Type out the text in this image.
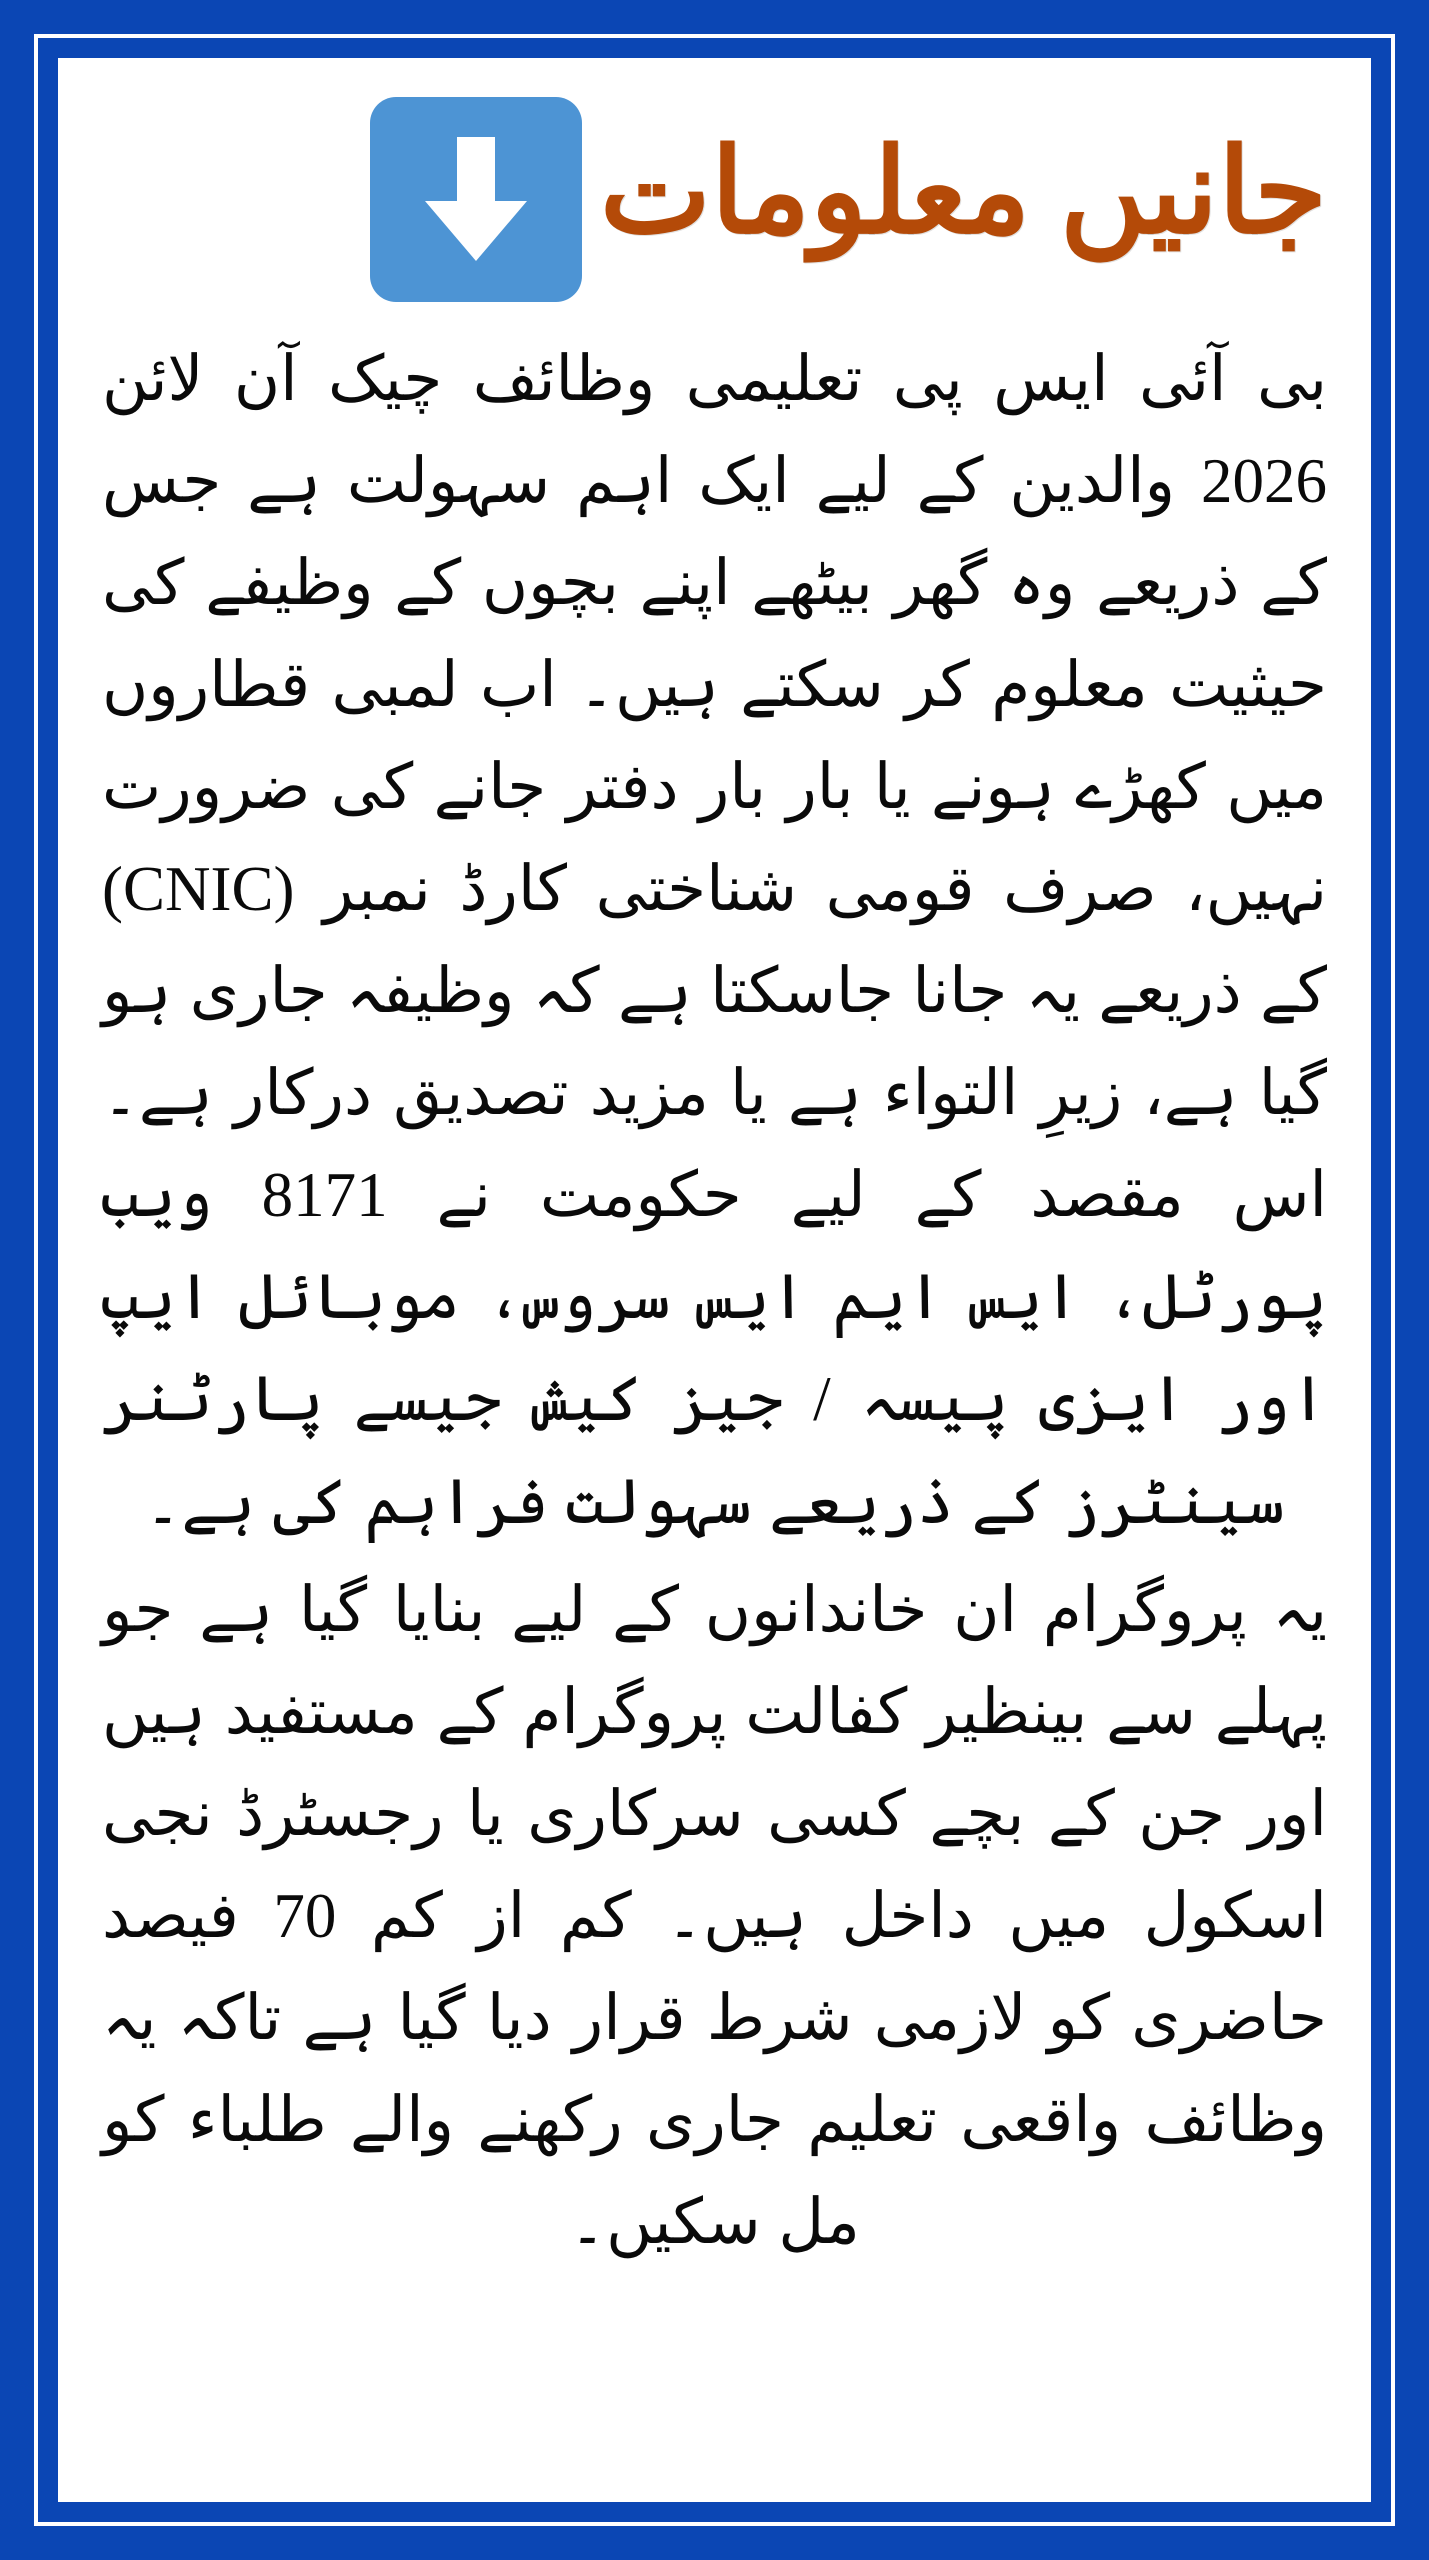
جانیں معلومات

بی آئی ایس پی تعلیمی وظائف چیک آن لائن 2026 والدین کے لیے ایک اہم سہولت ہے جس کے ذریعے وہ گھر بیٹھے اپنے بچوں کے وظیفے کی حیثیت معلوم کر سکتے ہیں۔ اب لمبی قطاروں میں کھڑے ہونے یا بار بار دفتر جانے کی ضرورت نہیں، صرف قومی شناختی کارڈ نمبر (CNIC) کے ذریعے یہ جانا جاسکتا ہے کہ وظیفہ جاری ہو گیا ہے، زیرِ التواء ہے یا مزید تصدیق درکار ہے۔ اس مقصد کے لیے حکومت نے 8171 ویب پورٹل، ایس ایم ایس سروس، موبائل ایپ اور ایزی پیسہ / جیز کیش جیسے پارٹنر سینٹرز کے ذریعے سہولت فراہم کی ہے۔

یہ پروگرام ان خاندانوں کے لیے بنایا گیا ہے جو پہلے سے بینظیر کفالت پروگرام کے مستفید ہیں اور جن کے بچے کسی سرکاری یا رجسٹرڈ نجی اسکول میں داخل ہیں۔ کم از کم 70 فیصد حاضری کو لازمی شرط قرار دیا گیا ہے تاکہ یہ وظائف واقعی تعلیم جاری رکھنے والے طلباء کو مل سکیں۔
